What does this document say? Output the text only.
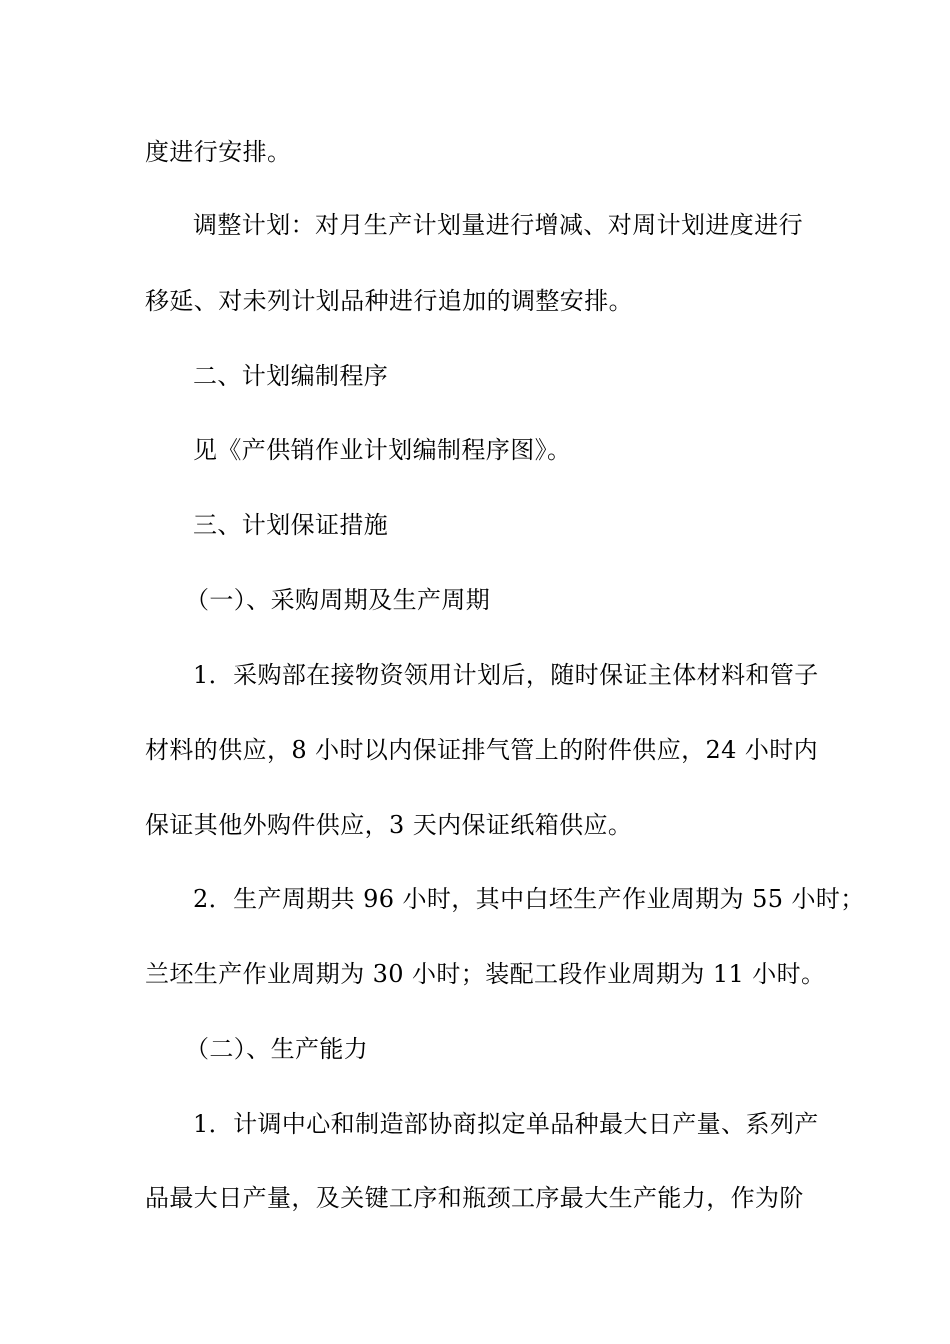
度进行安排。
调整计划：对月生产计划量进行增减、对周计划进度进行
移延、对未列计划品种进行追加的调整安排。
二、计划编制程序
见《产供销作业计划编制程序图》。
三、计划保证措施
（一）、采购周期及生产周期
1．采购部在接物资领用计划后，随时保证主体材料和管子
材料的供应，8 小时以内保证排气管上的附件供应，24 小时内
保证其他外购件供应，3 天内保证纸箱供应。
2．生产周期共 96 小时，其中白坯生产作业周期为 55 小时；
兰坯生产作业周期为 30 小时；装配工段作业周期为 11 小时。
（二）、生产能力
1．计调中心和制造部协商拟定单品种最大日产量、系列产
品最大日产量，及关键工序和瓶颈工序最大生产能力，作为阶
